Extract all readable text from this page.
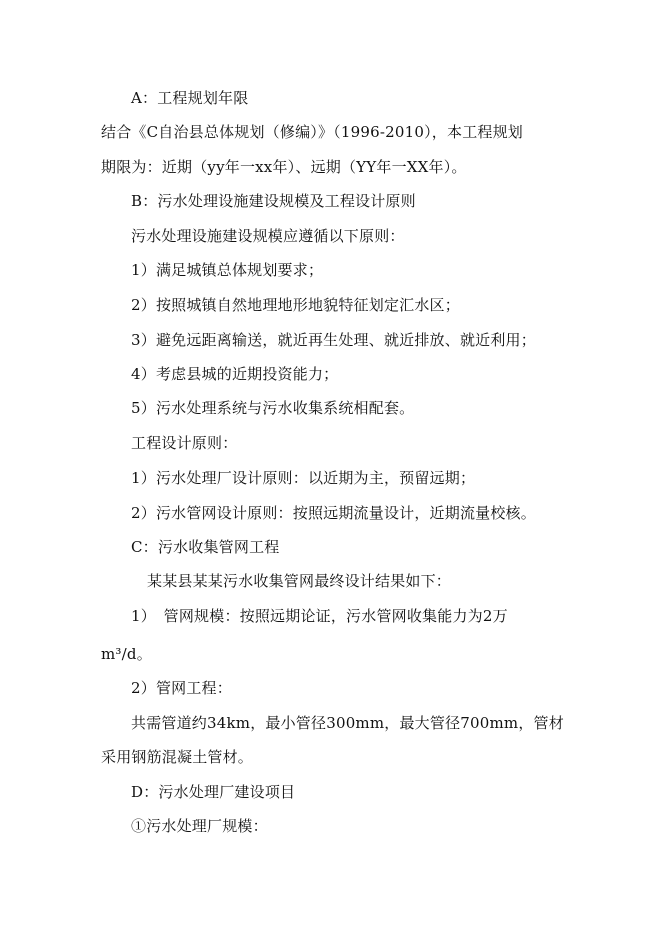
A：工程规划年限
结合《C自治县总体规划（修编）》（1996-2010），本工程规划
期限为：近期（yy年一xx年）、远期（YY年一XX年）。
B：污水处理设施建设规模及工程设计原则
污水处理设施建设规模应遵循以下原则：
1）满足城镇总体规划要求；
2）按照城镇自然地理地形地貌特征划定汇水区；
3）避免远距离输送，就近再生处理、就近排放、就近利用；
4）考虑县城的近期投资能力；
5）污水处理系统与污水收集系统相配套。
工程设计原则：
1）污水处理厂设计原则：以近期为主，预留远期；
2）污水管网设计原则：按照远期流量设计，近期流量校核。
C：污水收集管网工程
某某县某某污水收集管网最终设计结果如下：
1）　管网规模：按照远期论证，污水管网收集能力为2万
m³/d。
2）管网工程：
共需管道约34km，最小管径300mm，最大管径700mm，管材
采用钢筋混凝土管材。
D：污水处理厂建设项目
①污水处理厂规模：
